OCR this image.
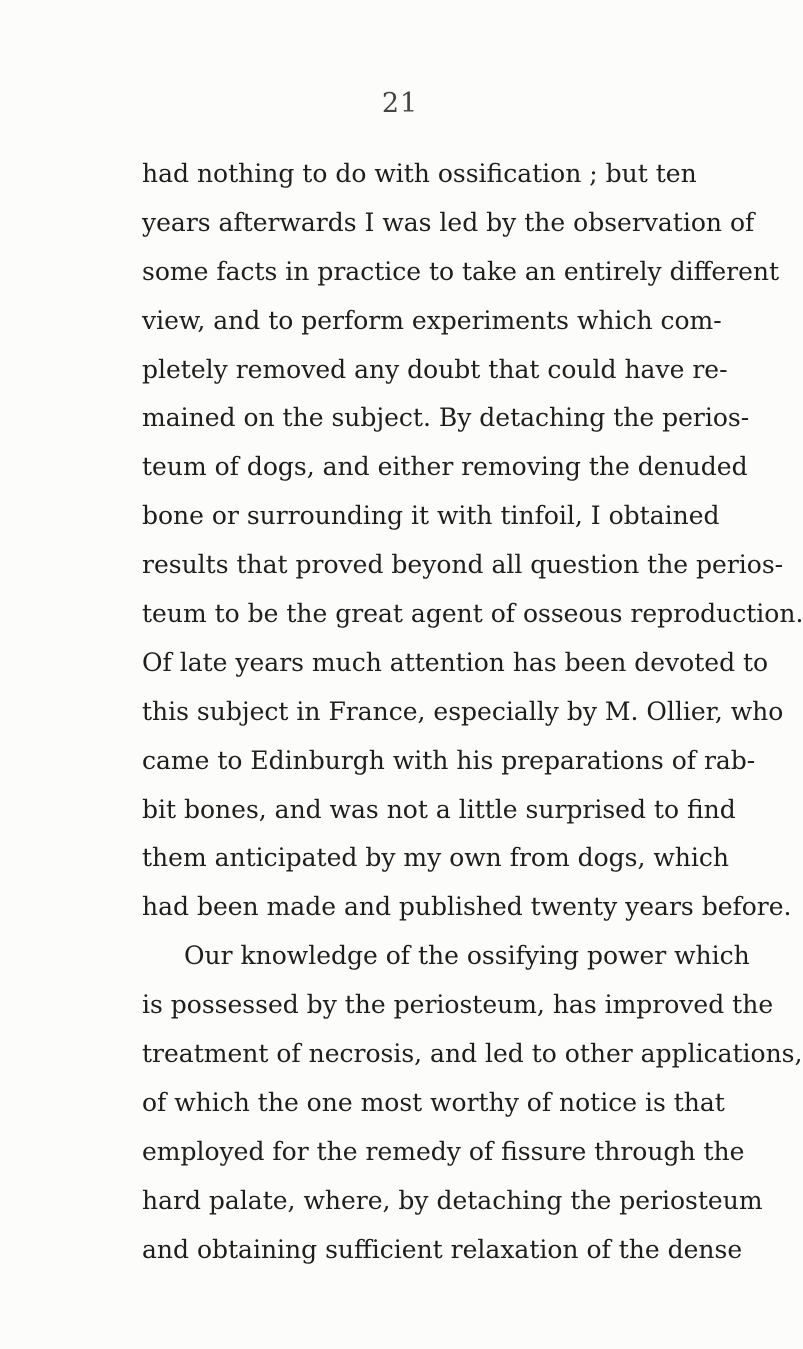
21
had nothing to do with ossification ; but ten
years afterwards I was led by the observation of
some facts in practice to take an entirely different
view, and to perform experiments which com-
pletely removed any doubt that could have re-
mained on the subject. By detaching the perios-
teum of dogs, and either removing the denuded
bone or surrounding it with tinfoil, I obtained
results that proved beyond all question the perios-
teum to be the great agent of osseous reproduction.
Of late years much attention has been devoted to
this subject in France, especially by M. Ollier, who
came to Edinburgh with his preparations of rab-
bit bones, and was not a little surprised to find
them anticipated by my own from dogs, which
had been made and published twenty years before.
Our knowledge of the ossifying power which
is possessed by the periosteum, has improved the
treatment of necrosis, and led to other applications,
of which the one most worthy of notice is that
employed for the remedy of fissure through the
hard palate, where, by detaching the periosteum
and obtaining sufficient relaxation of the dense
